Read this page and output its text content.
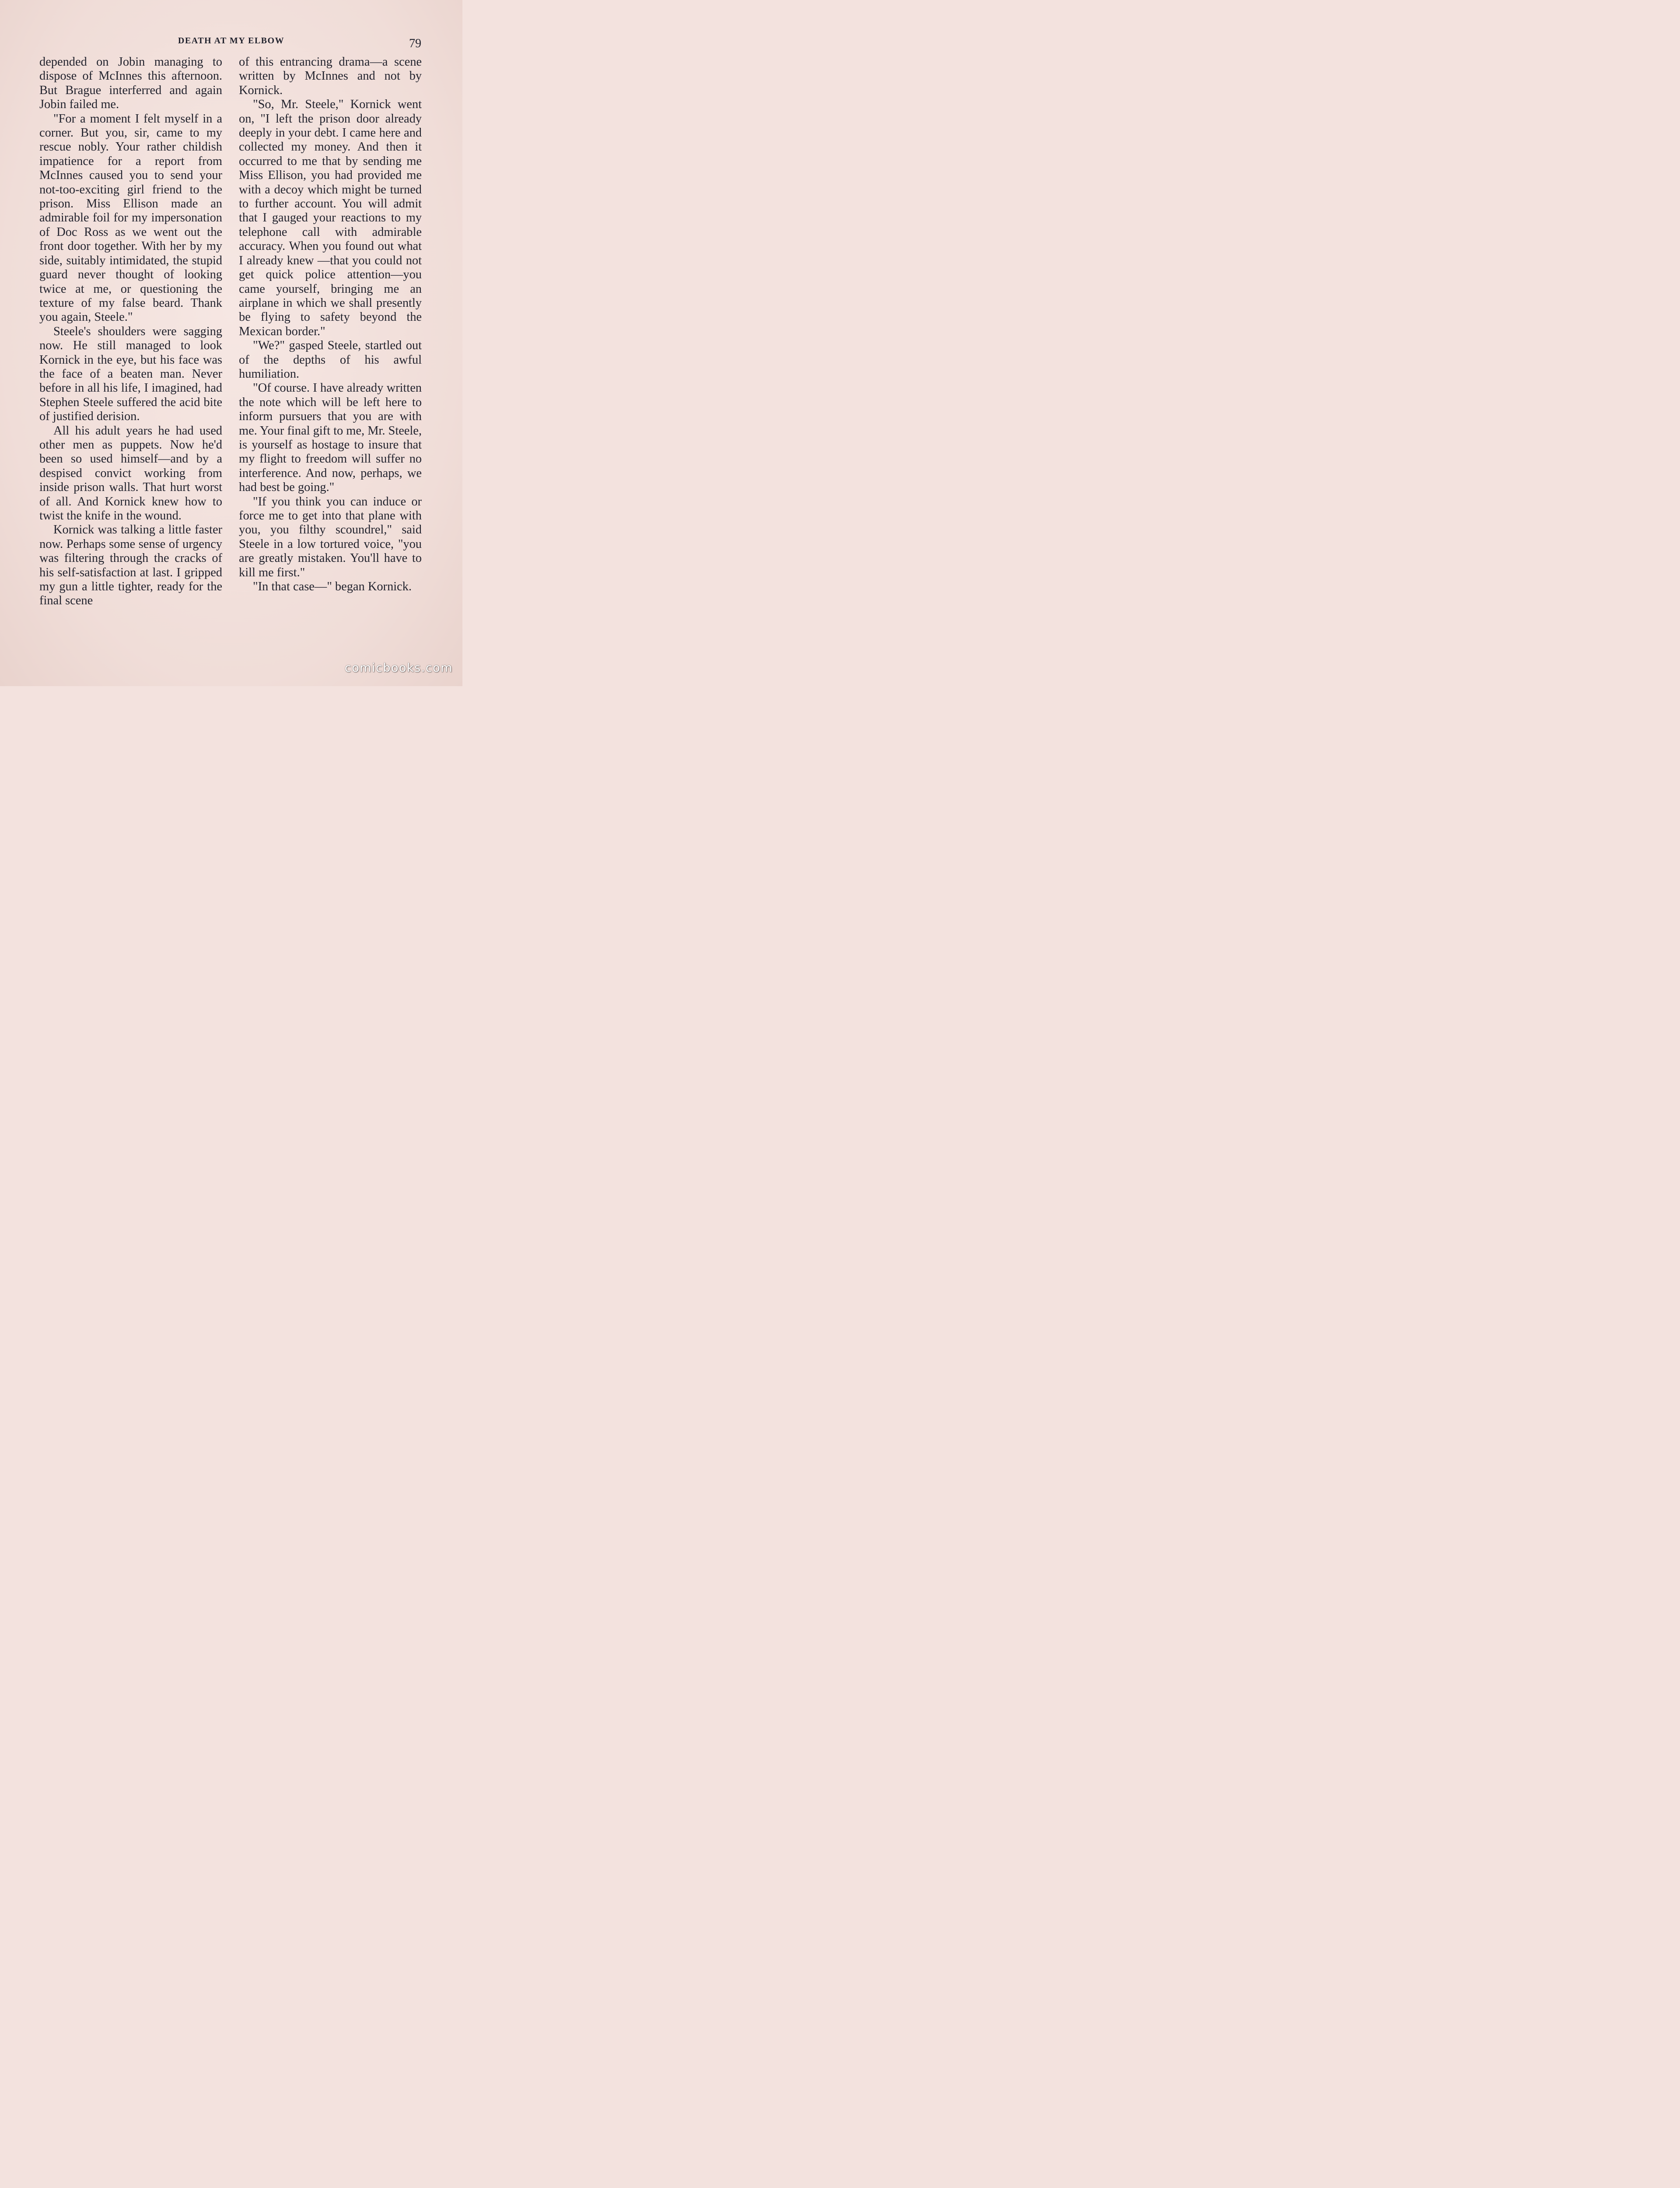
DEATH AT MY ELBOW	79

depended on Jobin managing to dispose of McInnes this afternoon. But Brague interferred and again Jobin failed me.

"For a moment I felt myself in a corner. But you, sir, came to my rescue nobly. Your rather childish impatience for a report from McInnes caused you to send your not-too-exciting girl friend to the prison. Miss Ellison made an admirable foil for my impersonation of Doc Ross as we went out the front door together. With her by my side, suitably intimidated, the stupid guard never thought of looking twice at me, or questioning the texture of my false beard. Thank you again, Steele."

Steele's shoulders were sagging now. He still managed to look Kornick in the eye, but his face was the face of a beaten man. Never before in all his life, I imagined, had Stephen Steele suffered the acid bite of justified derision.

All his adult years he had used other men as puppets. Now he'd been so used himself—and by a despised convict working from inside prison walls. That hurt worst of all. And Kornick knew how to twist the knife in the wound.

Kornick was talking a little faster now. Perhaps some sense of urgency was filtering through the cracks of his self-satisfaction at last. I gripped my gun a little tighter, ready for the final scene

of this entrancing drama—a scene written by McInnes and not by Kornick.

"So, Mr. Steele," Kornick went on, "I left the prison door already deeply in your debt. I came here and collected my money. And then it occurred to me that by sending me Miss Ellison, you had provided me with a decoy which might be turned to further account. You will admit that I gauged your reactions to my telephone call with admirable accuracy. When you found out what I already knew —that you could not get quick police attention—you came yourself, bringing me an airplane in which we shall presently be flying to safety beyond the Mexican border."

"We?" gasped Steele, startled out of the depths of his awful humiliation.

"Of course. I have already written the note which will be left here to inform pursuers that you are with me. Your final gift to me, Mr. Steele, is yourself as hostage to insure that my flight to freedom will suffer no interference. And now, perhaps, we had best be going."

"If you think you can induce or force me to get into that plane with you, you filthy scoundrel," said Steele in a low tortured voice, "you are greatly mistaken. You'll have to kill me first."

"In that case—" began Kornick.

comicbooks.com
